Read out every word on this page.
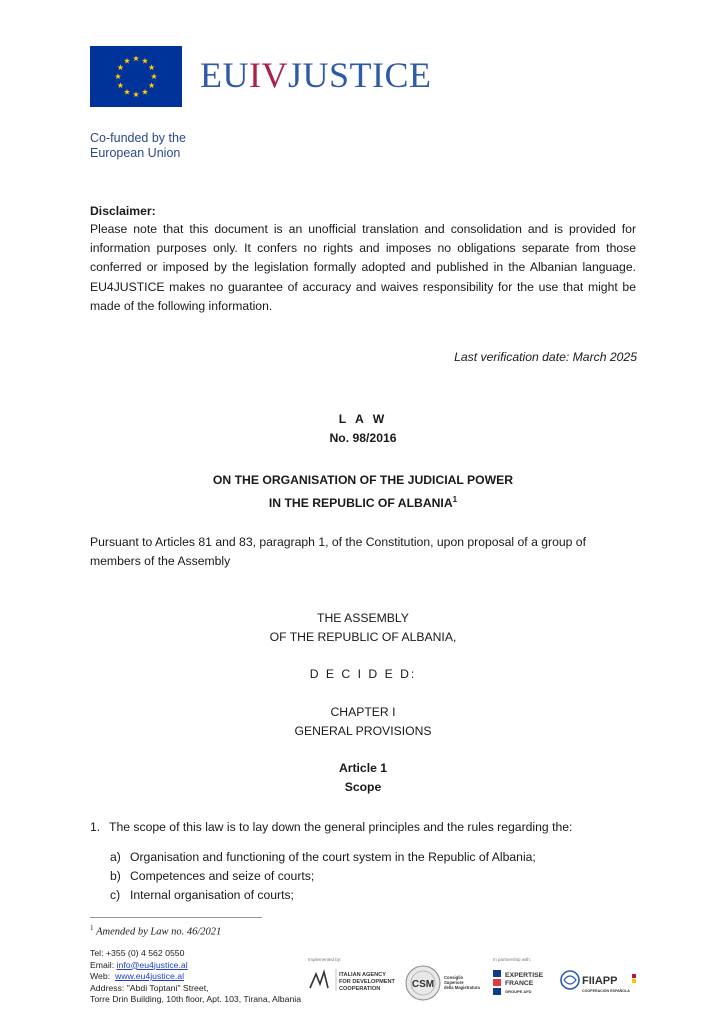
EUIVJUSTICE
Co-funded by the
European Union
Disclaimer:
Please note that this document is an unofficial translation and consolidation and is provided for information purposes only. It confers no rights and imposes no obligations separate from those conferred or imposed by the legislation formally adopted and published in the Albanian language. EU4JUSTICE makes no guarantee of accuracy and waives responsibility for the use that might be made of the following information.
Last verification date: March 2025
L A W
No. 98/2016
ON THE ORGANISATION OF THE JUDICIAL POWER
IN THE REPUBLIC OF ALBANIA$^1$
Pursuant to Articles 81 and 83, paragraph 1, of the Constitution, upon proposal of a group of members of the Assembly
THE ASSEMBLY
OF THE REPUBLIC OF ALBANIA,
D E C I D E D:
CHAPTER I
GENERAL PROVISIONS
Article 1
Scope
1. The scope of this law is to lay down the general principles and the rules regarding the:
a) Organisation and functioning of the court system in the Republic of Albania;
b) Competences and seize of courts;
c) Internal organisation of courts;
$^1$ Amended by Law no. 46/2021
Tel: +355 (0) 4 562 0550
Email: info@eu4justice.al
Web: www.eu4justice.al
Address: "Abdi Toptani" Street,
Torre Drin Building, 10th floor, Apt. 103, Tirana, Albania
Implemented by:	In partnership with:
ITALIAN AGENCY
FOR DEVELOPMENT
COOPERATION	CSM
Consiglio
Superiore
della Magistratura
EXPERTISE
FRANCE
GROUPE AFD
FIIAPP
COOPERACIÓN ESPAÑOLA
